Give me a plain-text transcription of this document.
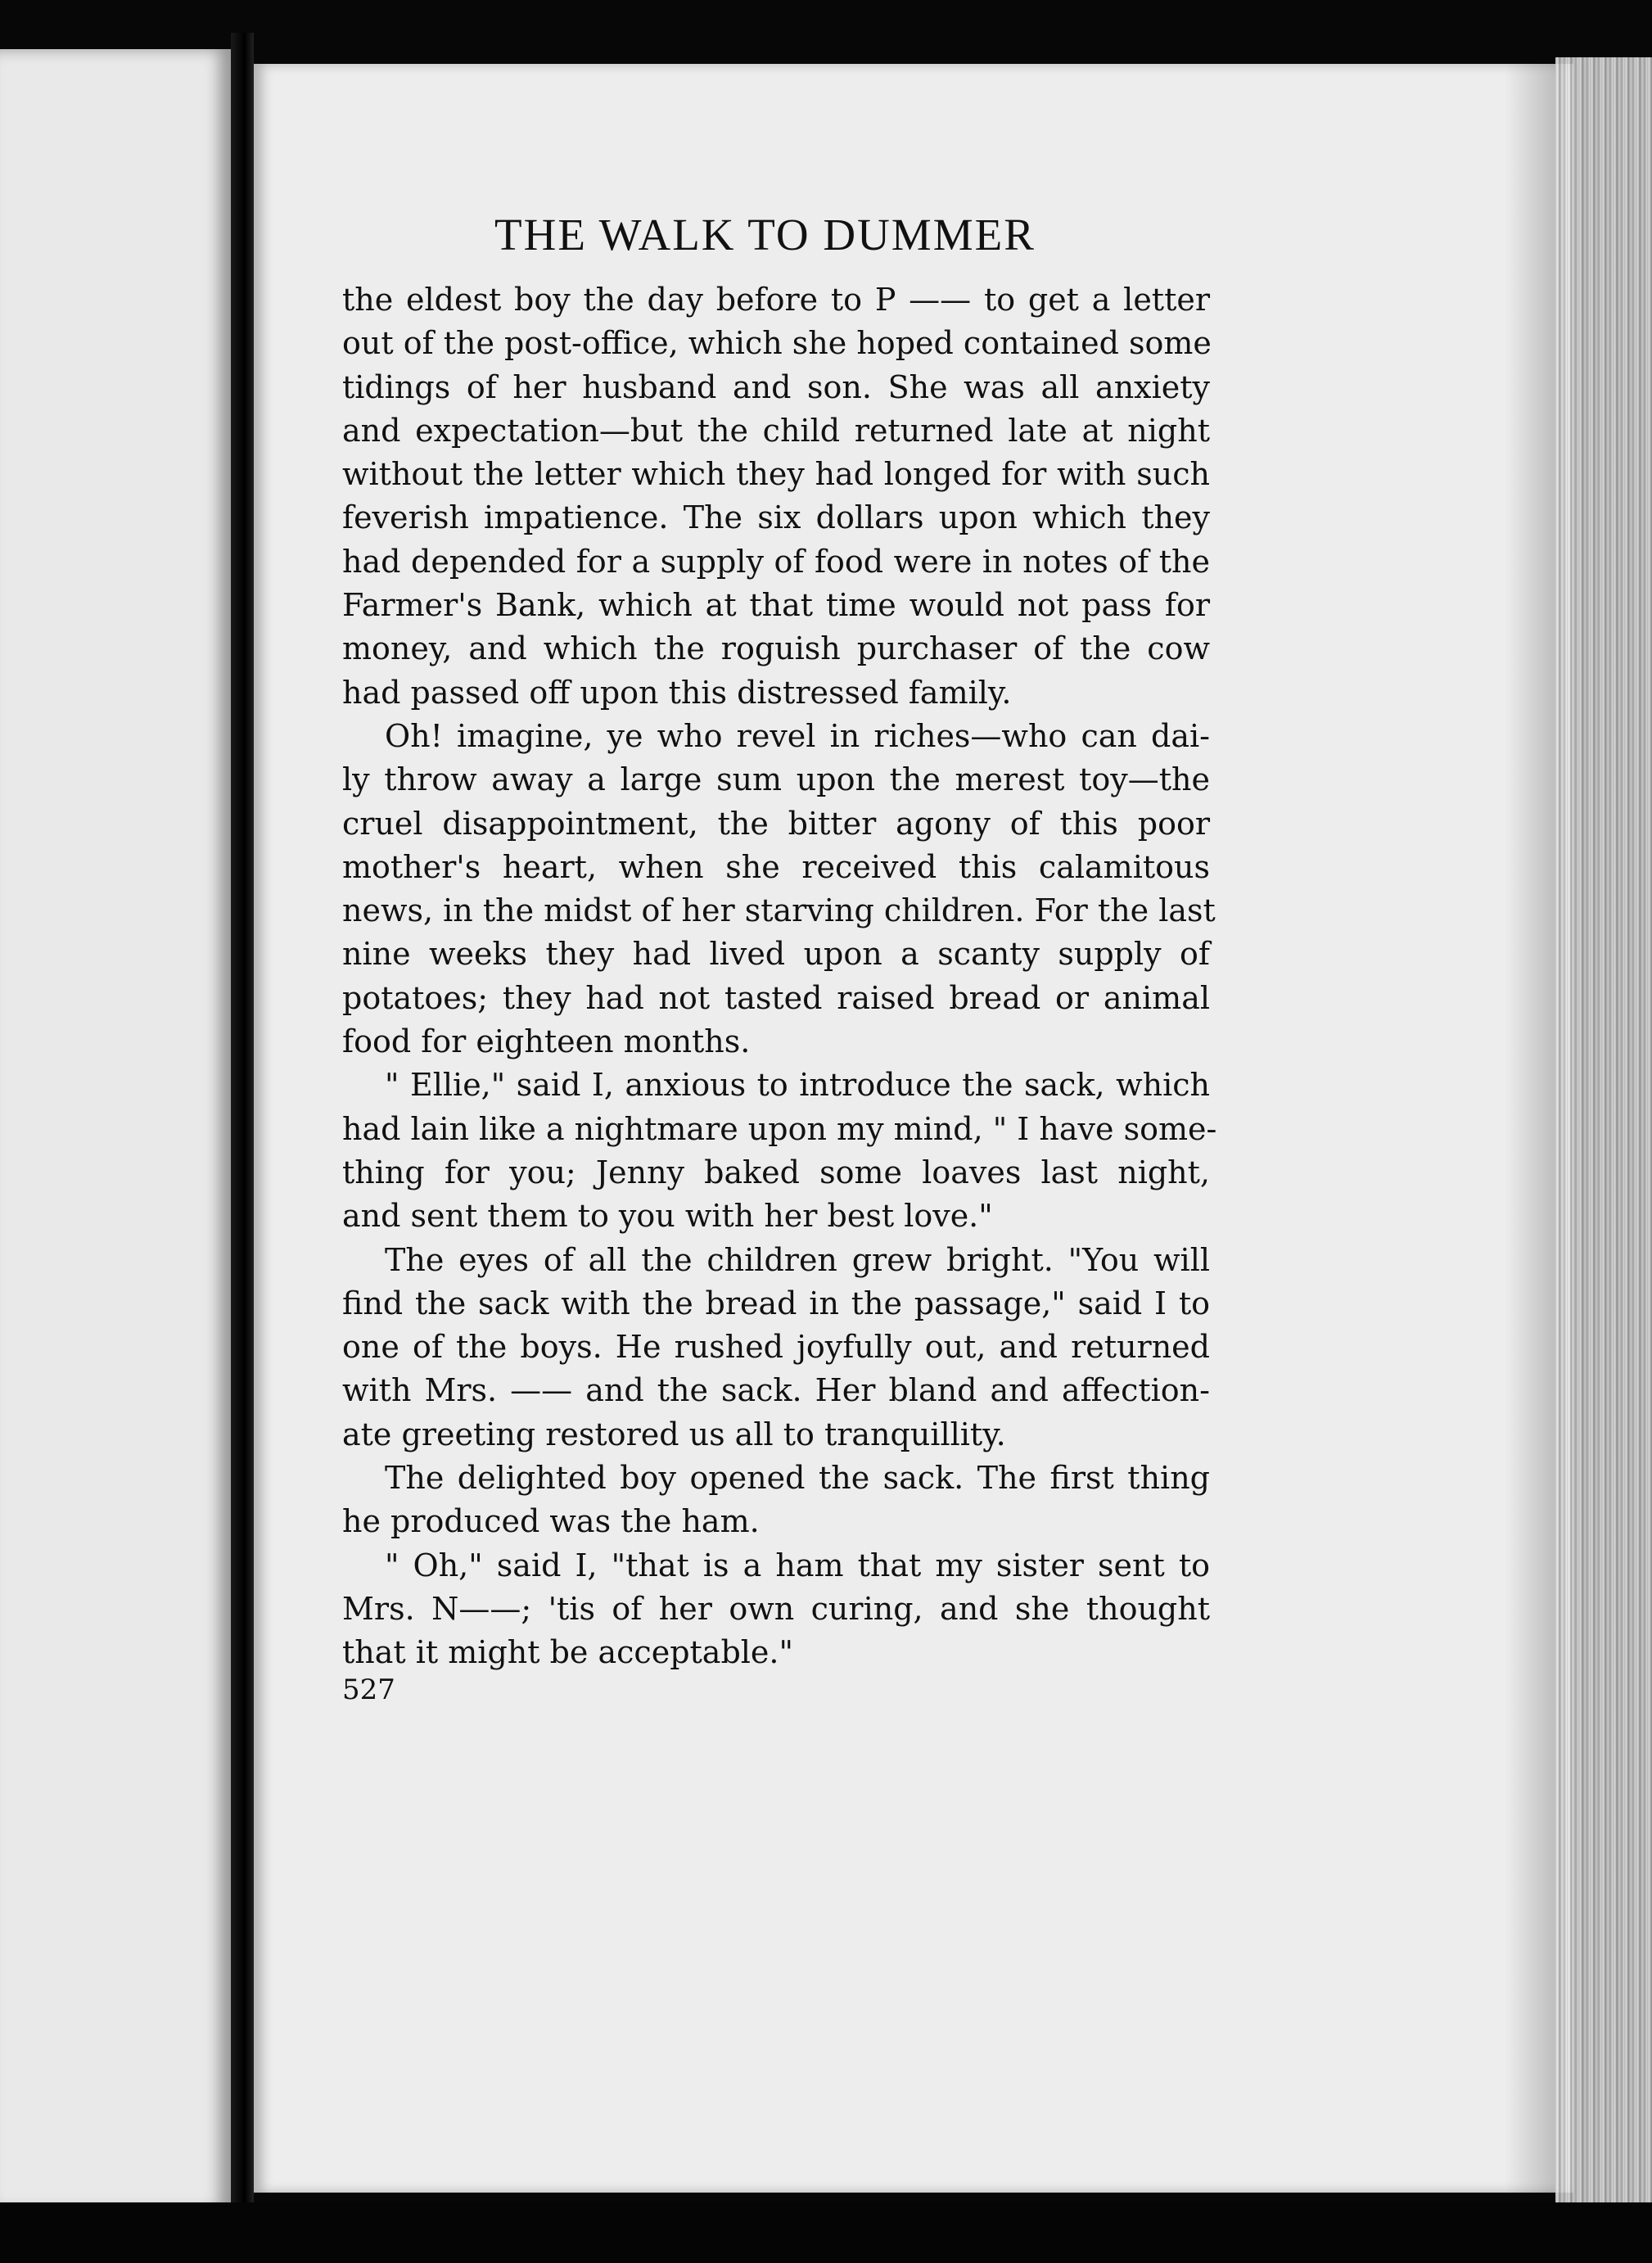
THE WALK TO DUMMER
the eldest boy the day before to P —— to get a letter
out of the post-office, which she hoped contained some
tidings of her husband and son. She was all anxiety
and expectation—but the child returned late at night
without the letter which they had longed for with such
feverish impatience. The six dollars upon which they
had depended for a supply of food were in notes of the
Farmer's Bank, which at that time would not pass for
money, and which the roguish purchaser of the cow
had passed off upon this distressed family.
Oh! imagine, ye who revel in riches—who can dai-
ly throw away a large sum upon the merest toy—the
cruel disappointment, the bitter agony of this poor
mother's heart, when she received this calamitous
news, in the midst of her starving children. For the last
nine weeks they had lived upon a scanty supply of
potatoes; they had not tasted raised bread or animal
food for eighteen months.
" Ellie," said I, anxious to introduce the sack, which
had lain like a nightmare upon my mind, " I have some-
thing for you; Jenny baked some loaves last night,
and sent them to you with her best love."
The eyes of all the children grew bright. "You will
find the sack with the bread in the passage," said I to
one of the boys. He rushed joyfully out, and returned
with Mrs. —— and the sack. Her bland and affection-
ate greeting restored us all to tranquillity.
The delighted boy opened the sack. The first thing
he produced was the ham.
" Oh," said I, "that is a ham that my sister sent to
Mrs. N——; 'tis of her own curing, and she thought
that it might be acceptable."
527
